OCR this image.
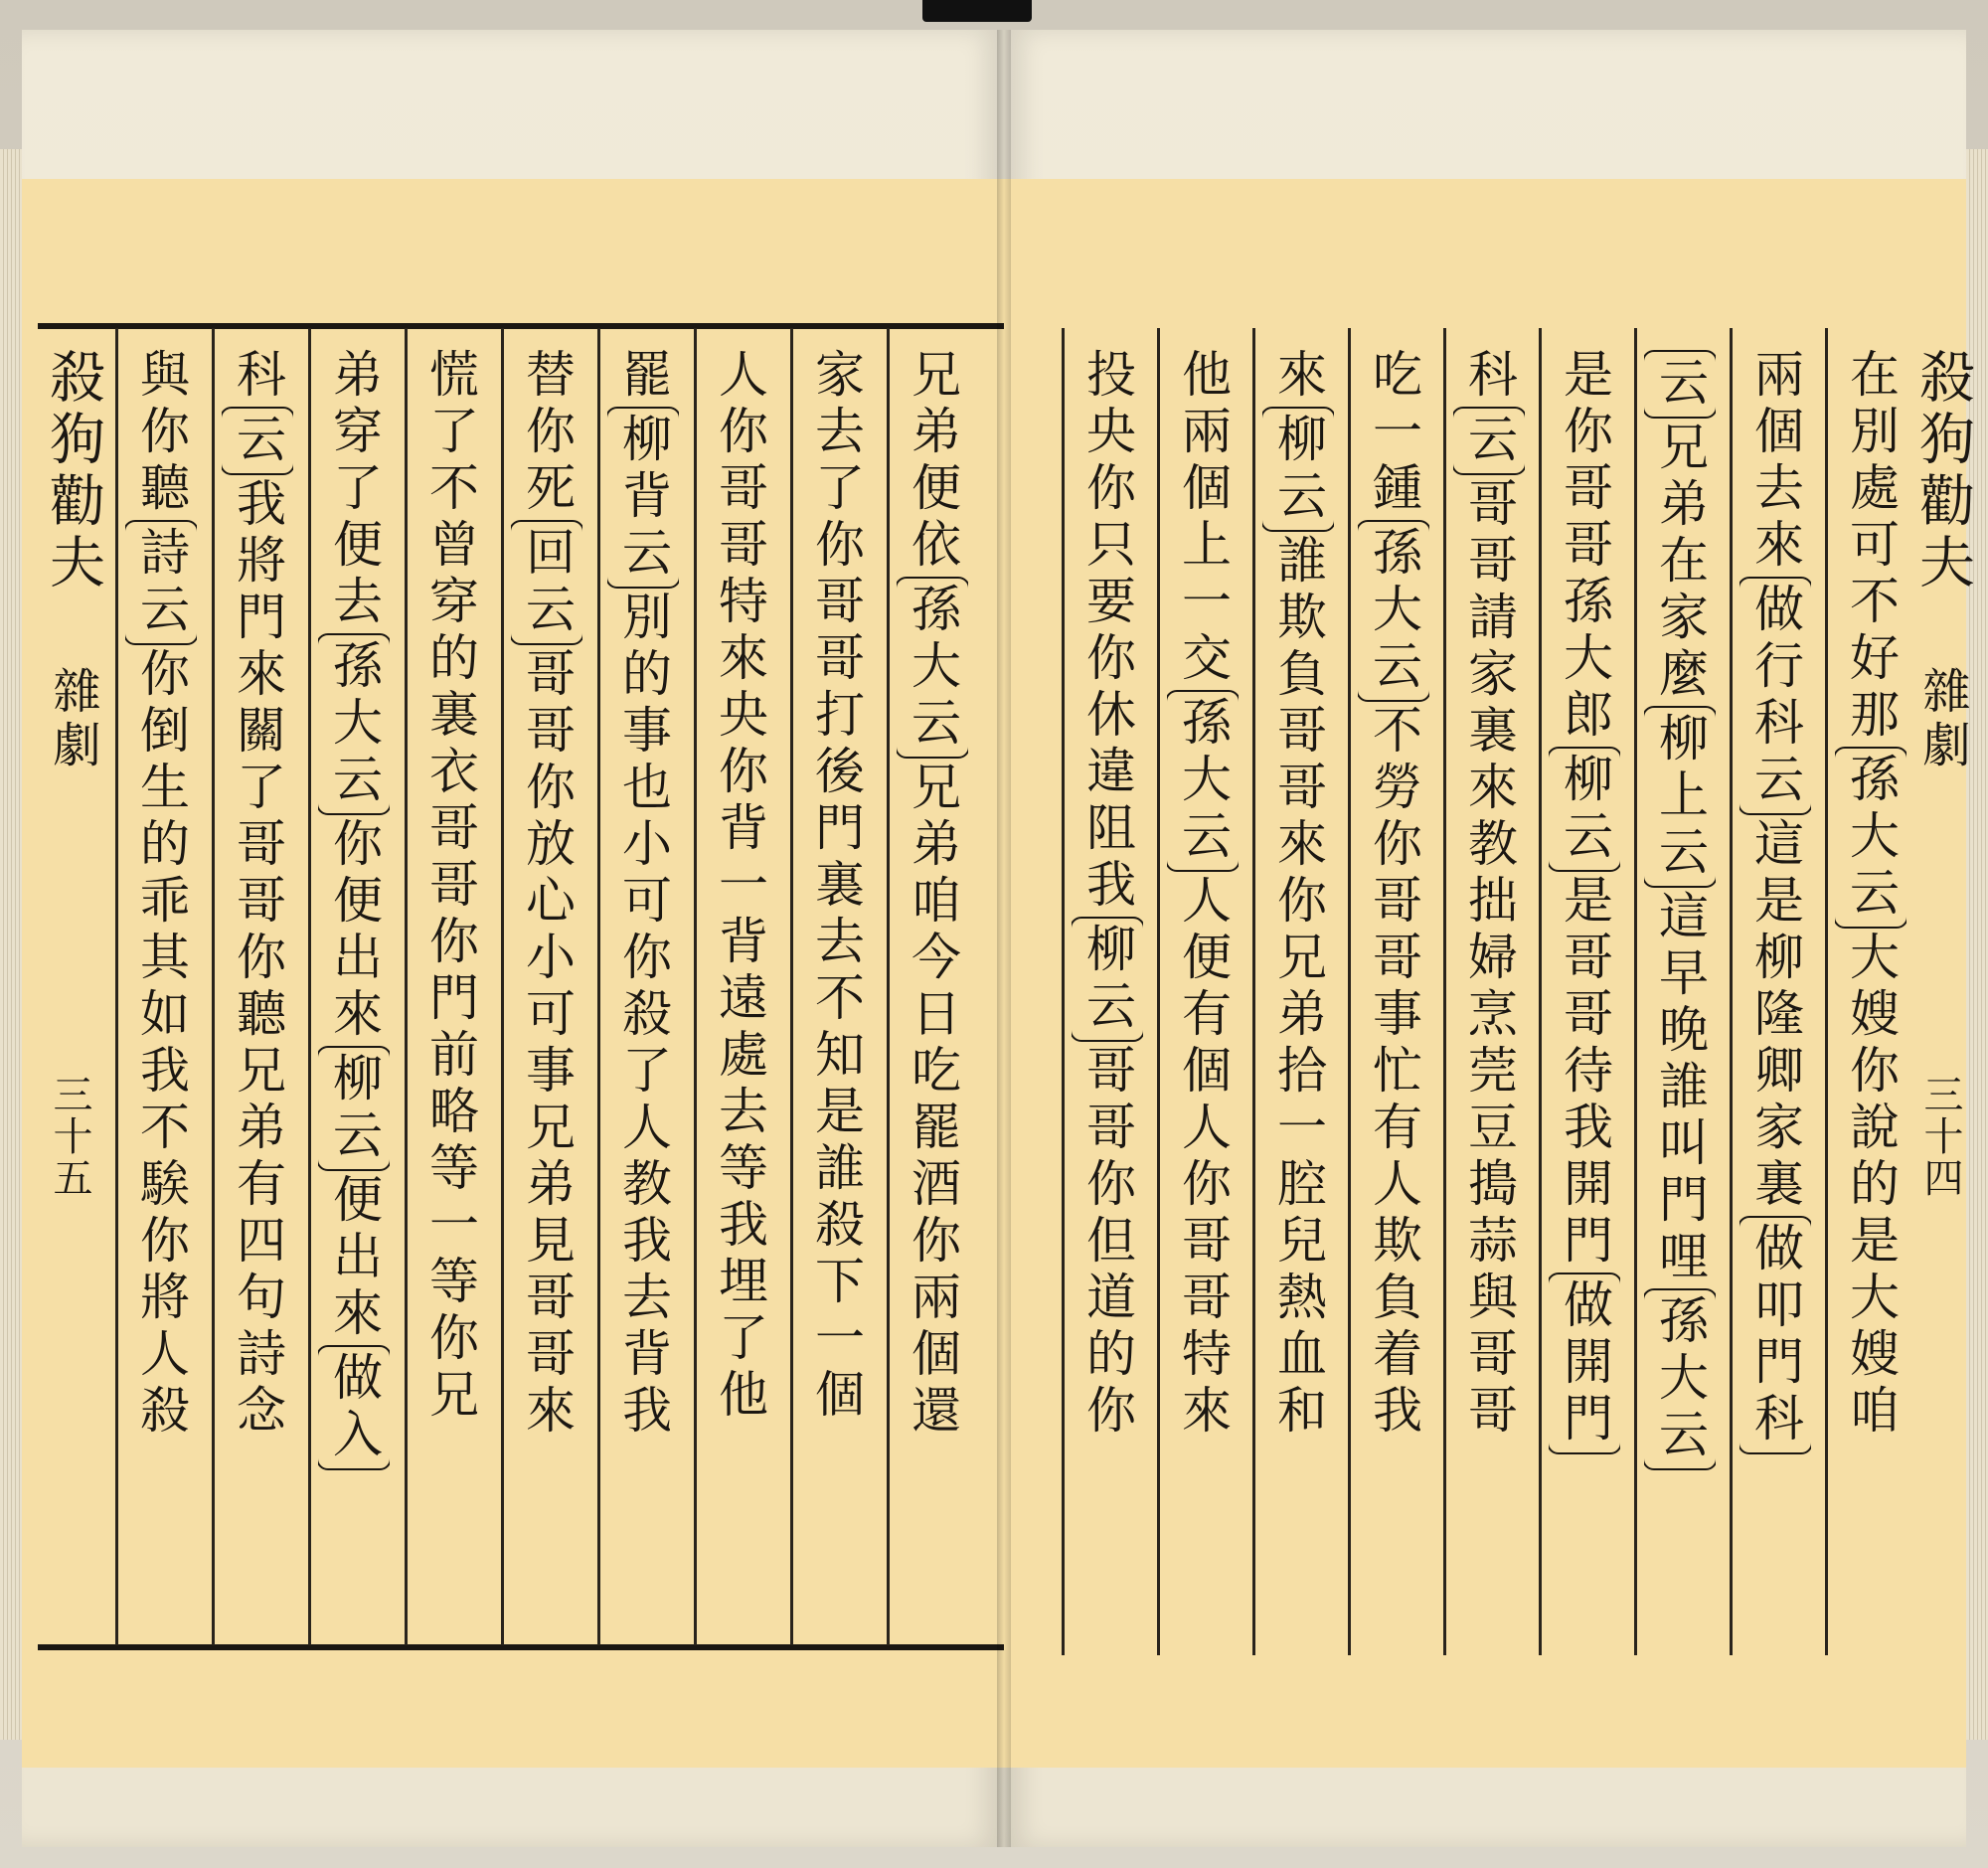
殺狗勸夫
雜劇
三十五
兄弟便依
孫大云
兄弟咱今日吃罷酒你兩個還
家去了你哥哥打後門裏去不知是誰殺下一個
人你哥哥特來央你背一背遠處去等我埋了他
罷
柳背云
別的事也小可你殺了人教我去背我
替你死
回云
哥哥你放心小可事兄弟見哥哥來
慌了不曾穿的裏衣哥哥你門前略等一等你兄
弟穿了便去
孫大云
你便出來
柳云
便出來
做入
科
云
我將門來關了哥哥你聽兄弟有四句詩念
與你聽
詩云
你倒生的乖其如我不騃你將人殺
殺狗勸夫
雜劇
三十四
在別處可不好那
孫大云
大嫂你說的是大嫂咱
兩個去來
做行科云
這是柳隆卿家裏
做叩門科
云
兄弟在家麼
柳上云
這早晚誰叫門哩
孫大云
是你哥哥孫大郎
柳云
是哥哥待我開門
做開門
科
云
哥哥請家裏來教拙婦烹莞豆搗蒜與哥哥
吃一鍾
孫大云
不勞你哥哥事忙有人欺負着我
來
柳云
誰欺負哥哥來你兄弟拾一腔兒熱血和
他兩個上一交
孫大云
人便有個人你哥哥特來
投央你只要你休違阻我
柳云
哥哥你但道的你
